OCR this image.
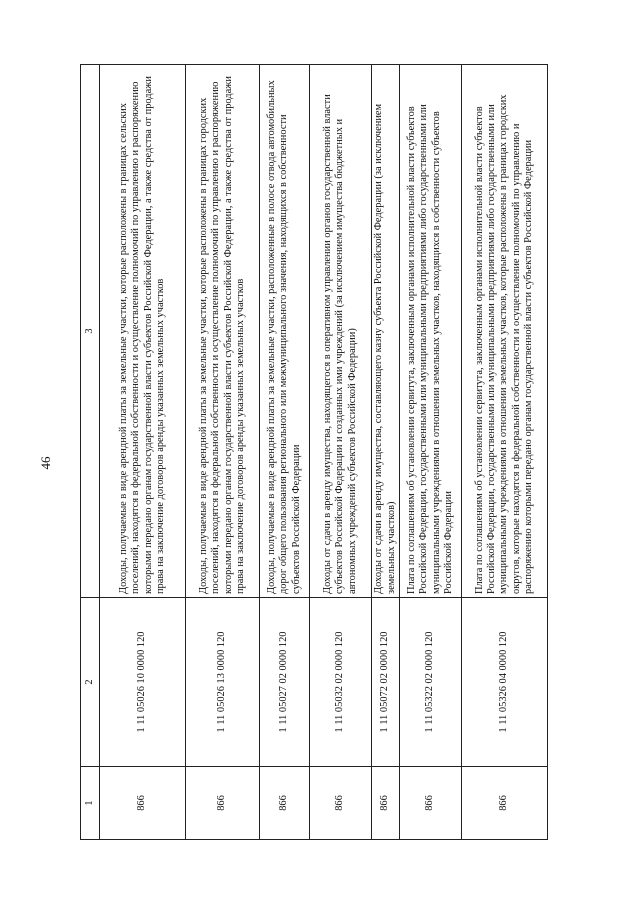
46
1	2	3
866	1 11 05026 10 0000 120	Доходы, получаемые в виде арендной платы за земельные участки, которые расположены в границах сельских поселений, находятся в федеральной собственности и осуществление полномочий по управлению и распоряжению которыми передано органам государственной власти субъектов Российской Федерации, а также средства от продажи права на заключение договоров аренды указанных земельных участков
866	1 11 05026 13 0000 120	Доходы, получаемые в виде арендной платы за земельные участки, которые расположены в границах городских поселений, находятся в федеральной собственности и осуществление полномочий по управлению и распоряжению которыми передано органам государственной власти субъектов Российской Федерации, а также средства от продажи права на заключение договоров аренды указанных земельных участков
866	1 11 05027 02 0000 120	Доходы, получаемые в виде арендной платы за земельные участки, расположенные в полосе отвода автомобильных дорог общего пользования регионального или межмуниципального значения, находящихся в собственности субъектов Российской Федерации
866	1 11 05032 02 0000 120	Доходы от сдачи в аренду имущества, находящегося в оперативном управлении органов государственной власти субъектов Российской Федерации и созданных ими учреждений (за исключением имущества бюджетных и автономных учреждений субъектов Российской Федерации)
866	1 11 05072 02 0000 120	Доходы от сдачи в аренду имущества, составляющего казну субъекта Российской Федерации (за исключением земельных участков)
866	1 11 05322 02 0000 120	Плата по соглашениям об установлении сервитута, заключенным органами исполнительной власти субъектов Российской Федерации, государственными или муниципальными предприятиями либо государственными или муниципальными учреждениями в отношении земельных участков, находящихся в собственности субъектов Российской Федерации
866	1 11 05326 04 0000 120	Плата по соглашениям об установлении сервитута, заключенным органами исполнительной власти субъектов Российской Федерации, государственными или муниципальными предприятиями либо государственными или муниципальными учреждениями в отношении земельных участков, которые расположены в границах городских округов, которые находятся в федеральной собственности и осуществление полномочий по управлению и распоряжению которыми передано органам государственной власти субъектов Российской Федерации
